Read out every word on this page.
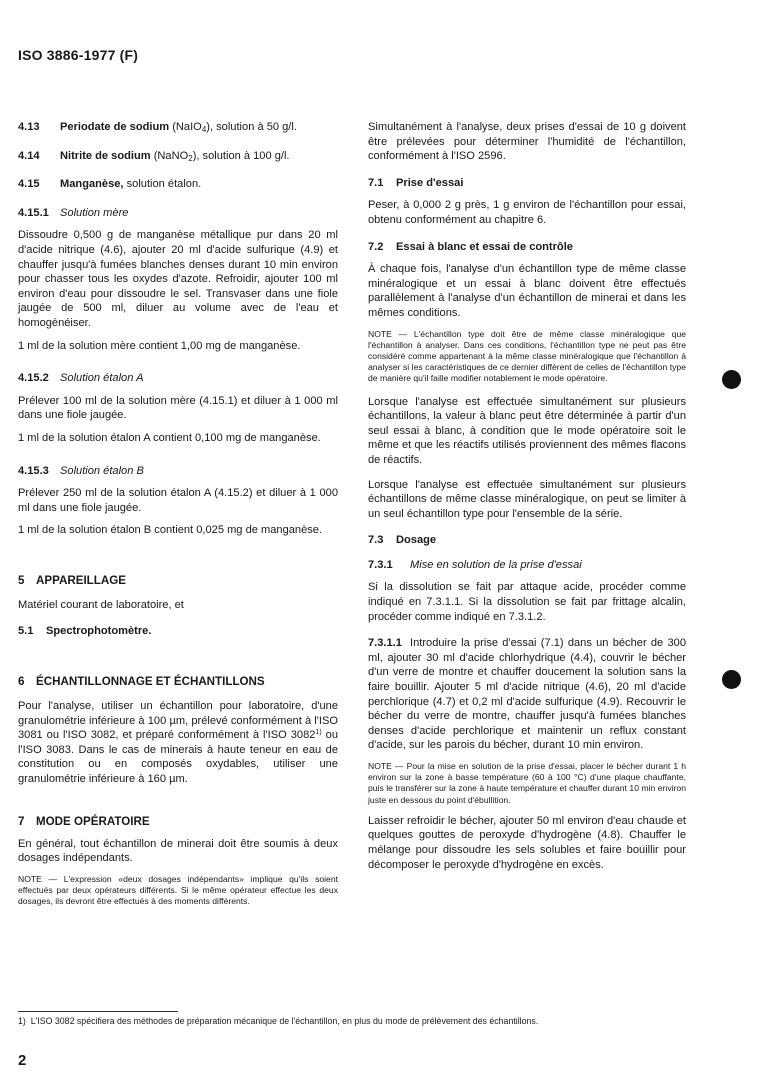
ISO 3886-1977 (F)

4.13 Periodate de sodium (NaIO$_4$), solution à 50 g/l.

4.14 Nitrite de sodium (NaNO$_2$), solution à 100 g/l.

4.15 Manganèse, solution étalon.

4.15.1 Solution mère

Dissoudre 0,500 g de manganèse métallique pur dans 20 ml d'acide nitrique (4.6), ajouter 20 ml d'acide sulfurique (4.9) et chauffer jusqu'à fumées blanches denses durant 10 min environ pour chasser tous les oxydes d'azote. Refroidir, ajouter 100 ml environ d'eau pour dissoudre le sel. Transvaser dans une fiole jaugée de 500 ml, diluer au volume avec de l'eau et homogénéiser.

1 ml de la solution mère contient 1,00 mg de manganèse.

4.15.2 Solution étalon A

Prélever 100 ml de la solution mère (4.15.1) et diluer à 1 000 ml dans une fiole jaugée.

1 ml de la solution étalon A contient 0,100 mg de manganèse.

4.15.3 Solution étalon B

Prélever 250 ml de la solution étalon A (4.15.2) et diluer à 1 000 ml dans une fiole jaugée.

1 ml de la solution étalon B contient 0,025 mg de manganèse.

5 APPAREILLAGE

Matériel courant de laboratoire, et

5.1 Spectrophotomètre.

6 ÉCHANTILLONNAGE ET ÉCHANTILLONS

Pour l'analyse, utiliser un échantillon pour laboratoire, d'une granulométrie inférieure à 100 µm, prélevé conformément à l'ISO 3081 ou l'ISO 3082, et préparé conformément à l'ISO 3082$^{1)}$ ou l'ISO 3083. Dans le cas de minerais à haute teneur en eau de constitution ou en composés oxydables, utiliser une granulométrie inférieure à 160 µm.

7 MODE OPÉRATOIRE

En général, tout échantillon de minerai doit être soumis à deux dosages indépendants.

NOTE — L'expression «deux dosages indépendants» implique qu'ils soient effectués par deux opérateurs différents. Si le même opérateur effectue les deux dosages, ils devront être effectués à des moments différents.

Simultanément à l'analyse, deux prises d'essai de 10 g doivent être prélevées pour déterminer l'humidité de l'échantillon, conformément à l'ISO 2596.

7.1 Prise d'essai

Peser, à 0,000 2 g près, 1 g environ de l'échantillon pour essai, obtenu conformément au chapitre 6.

7.2 Essai à blanc et essai de contrôle

À chaque fois, l'analyse d'un échantillon type de même classe minéralogique et un essai à blanc doivent être effectués parallèlement à l'analyse d'un échantillon de minerai et dans les mêmes conditions.

NOTE — L'échantillon type doit être de même classe minéralogique que l'échantillon à analyser. Dans ces conditions, l'échantillon type ne peut pas être considéré comme appartenant à la même classe minéralogique que l'échantillon à analyser si les caractéristiques de ce dernier diffèrent de celles de l'échantillon type de manière qu'il faille modifier notablement le mode opératoire.

Lorsque l'analyse est effectuée simultanément sur plusieurs échantillons, la valeur à blanc peut être déterminée à partir d'un seul essai à blanc, à condition que le mode opératoire soit le même et que les réactifs utilisés proviennent des mêmes flacons de réactifs.

Lorsque l'analyse est effectuée simultanément sur plusieurs échantillons de même classe minéralogique, on peut se limiter à un seul échantillon type pour l'ensemble de la série.

7.3 Dosage

7.3.1 Mise en solution de la prise d'essai

Si la dissolution se fait par attaque acide, procéder comme indiqué en 7.3.1.1. Si la dissolution se fait par frittage alcalin, procéder comme indiqué en 7.3.1.2.

7.3.1.1 Introduire la prise d'essai (7.1) dans un bécher de 300 ml, ajouter 30 ml d'acide chlorhydrique (4.4), couvrir le bécher d'un verre de montre et chauffer doucement la solution sans la faire bouillir. Ajouter 5 ml d'acide nitrique (4.6), 20 ml d'acide perchlorique (4.7) et 0,2 ml d'acide sulfurique (4.9). Recouvrir le bécher du verre de montre, chauffer jusqu'à fumées blanches denses d'acide perchlorique et maintenir un reflux constant d'acide, sur les parois du bécher, durant 10 min environ.

NOTE — Pour la mise en solution de la prise d'essai, placer le bécher durant 1 h environ sur la zone à basse température (60 à 100 °C) d'une plaque chauffante, puis le transférer sur la zone à haute température et chauffer durant 10 min environ juste en dessous du point d'ébullition.

Laisser refroidir le bécher, ajouter 50 ml environ d'eau chaude et quelques gouttes de peroxyde d'hydrogène (4.8). Chauffer le mélange pour dissoudre les sels solubles et faire bouillir pour décomposer le peroxyde d'hydrogène en excès.

1) L'ISO 3082 spécifiera des méthodes de préparation mécanique de l'échantillon, en plus du mode de prélèvement des échantillons.
2
